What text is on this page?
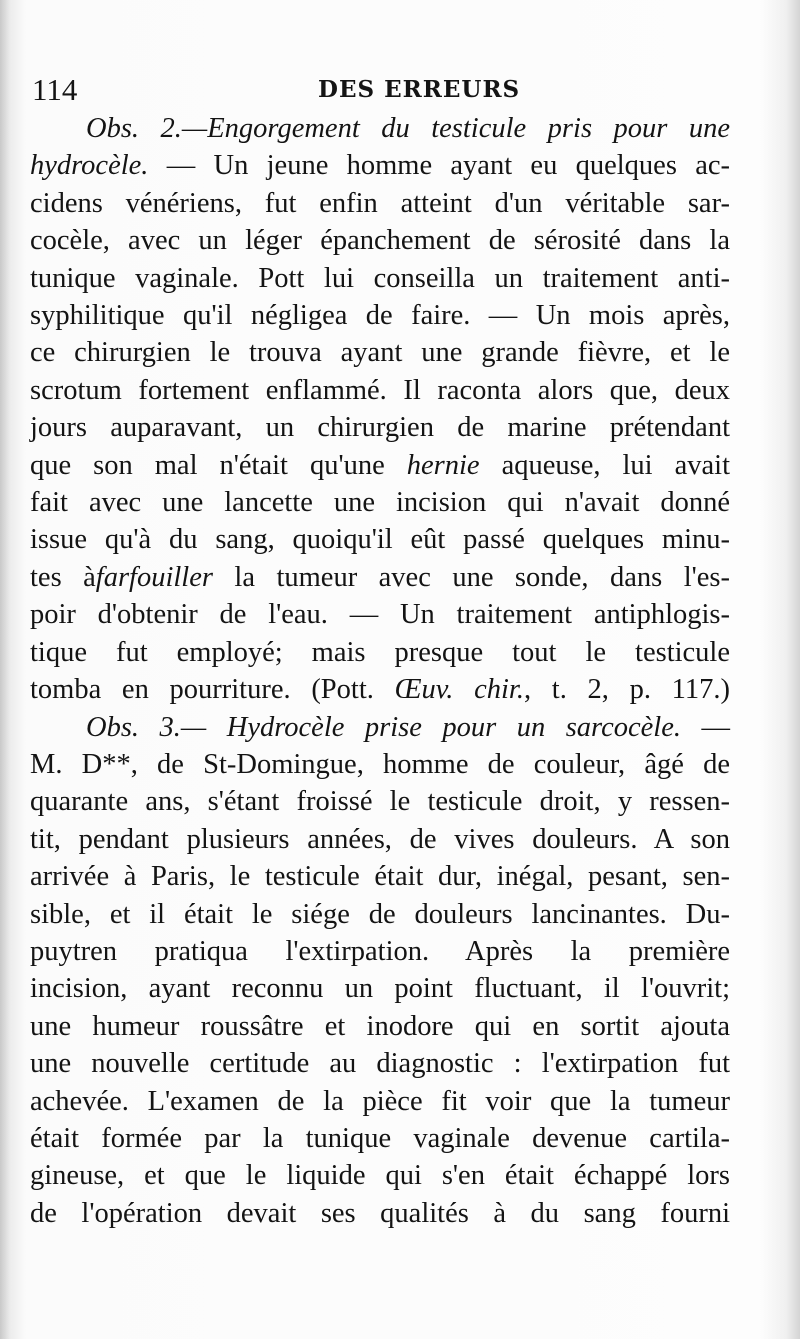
114	DES ERREURS
Obs. 2.—Engorgement du testicule pris pour une
hydrocèle. — Un jeune homme ayant eu quelques ac-
cidens vénériens, fut enfin atteint d'un véritable sar-
cocèle, avec un léger épanchement de sérosité dans la
tunique vaginale. Pott lui conseilla un traitement anti-
syphilitique qu'il négligea de faire. — Un mois après,
ce chirurgien le trouva ayant une grande fièvre, et le
scrotum fortement enflammé. Il raconta alors que, deux
jours auparavant, un chirurgien de marine prétendant
que son mal n'était qu'une hernie aqueuse, lui avait
fait avec une lancette une incision qui n'avait donné
issue qu'à du sang, quoiqu'il eût passé quelques minu-
tes àfarfouiller la tumeur avec une sonde, dans l'es-
poir d'obtenir de l'eau. — Un traitement antiphlogis-
tique fut employé; mais presque tout le testicule
tomba en pourriture. (Pott. Œuv. chir., t. 2, p. 117.)
Obs. 3.— Hydrocèle prise pour un sarcocèle. —
M. D**, de St-Domingue, homme de couleur, âgé de
quarante ans, s'étant froissé le testicule droit, y ressen-
tit, pendant plusieurs années, de vives douleurs. A son
arrivée à Paris, le testicule était dur, inégal, pesant, sen-
sible, et il était le siége de douleurs lancinantes. Du-
puytren pratiqua l'extirpation. Après la première
incision, ayant reconnu un point fluctuant, il l'ouvrit;
une humeur roussâtre et inodore qui en sortit ajouta
une nouvelle certitude au diagnostic : l'extirpation fut
achevée. L'examen de la pièce fit voir que la tumeur
était formée par la tunique vaginale devenue cartila-
gineuse, et que le liquide qui s'en était échappé lors
de l'opération devait ses qualités à du sang fourni
